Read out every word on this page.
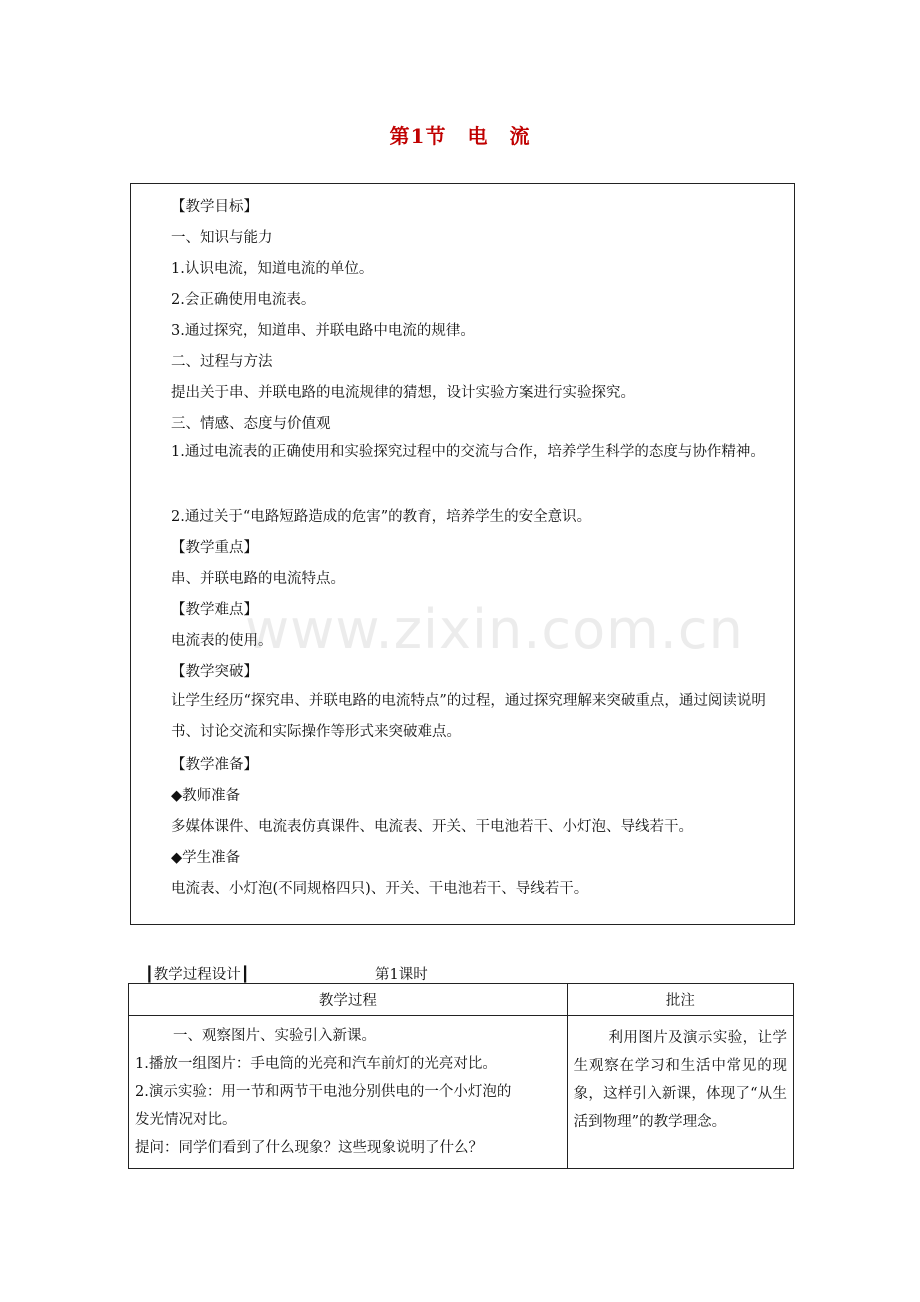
第1节　电　流
【教学目标】
一、知识与能力
1.认识电流，知道电流的单位。
2.会正确使用电流表。
3.通过探究，知道串、并联电路中电流的规律。
二、过程与方法
提出关于串、并联电路的电流规律的猜想，设计实验方案进行实验探究。
三、情感、态度与价值观
1.通过电流表的正确使用和实验探究过程中的交流与合作，培养学生科学的态度与协作精神。
2.通过关于“电路短路造成的危害”的教育，培养学生的安全意识。
【教学重点】
串、并联电路的电流特点。
【教学难点】
电流表的使用。
【教学突破】
让学生经历“探究串、并联电路的电流特点”的过程，通过探究理解来突破重点，通过阅读说明书、讨论交流和实际操作等形式来突破难点。
【教学准备】
◆教师准备
多媒体课件、电流表仿真课件、电流表、开关、干电池若干、小灯泡、导线若干。
◆学生准备
电流表、小灯泡(不同规格四只)、开关、干电池若干、导线若干。
www.zixin.com.cn
┃教学过程设计┃	第1课时
教学过程	批注

一、观察图片、实验引入新课。
1.播放一组图片：手电筒的光亮和汽车前灯的光亮对比。
2.演示实验：用一节和两节干电池分别供电的一个小灯泡的
发光情况对比。
提问：同学们看到了什么现象？这些现象说明了什么？	利用图片及演示实验，让学生观察在学习和生活中常见的现象，这样引入新课，体现了“从生活到物理”的教学理念。
